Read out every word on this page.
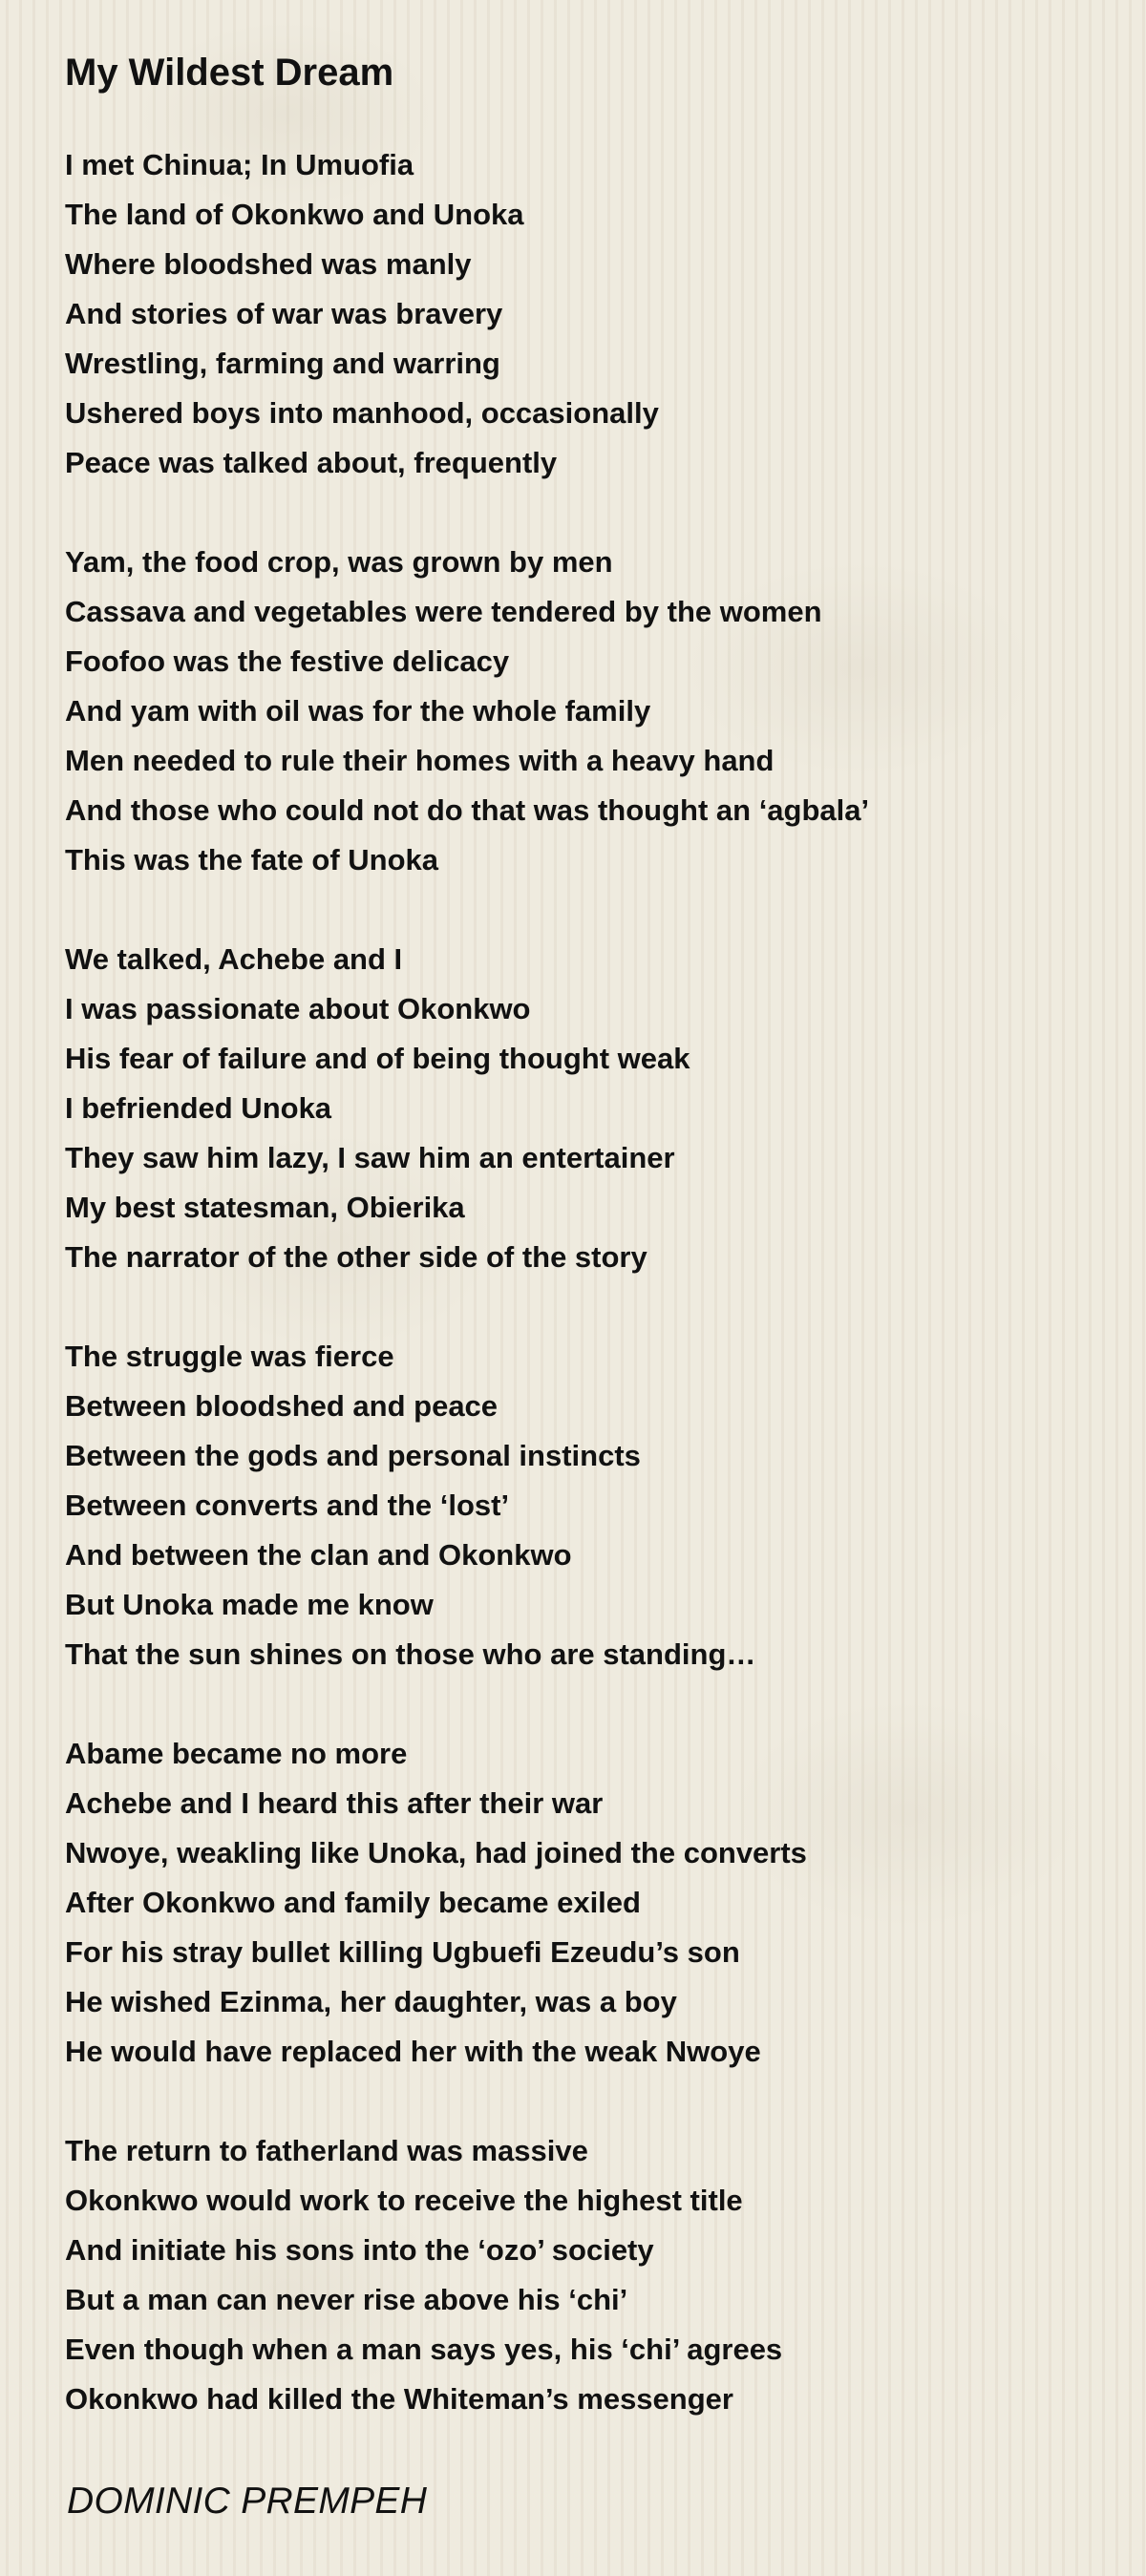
My Wildest Dream
I met Chinua; In Umuofia
The land of Okonkwo and Unoka
Where bloodshed was manly
And stories of war was bravery
Wrestling, farming and warring
Ushered boys into manhood, occasionally
Peace was talked about, frequently
Yam, the food crop, was grown by men
Cassava and vegetables were tendered by the women
Foofoo was the festive delicacy
And yam with oil was for the whole family
Men needed to rule their homes with a heavy hand
And those who could not do that was thought an ‘agbala’
This was the fate of Unoka
We talked, Achebe and I
I was passionate about Okonkwo
His fear of failure and of being thought weak
I befriended Unoka
They saw him lazy, I saw him an entertainer
My best statesman, Obierika
The narrator of the other side of the story
The struggle was fierce
Between bloodshed and peace
Between the gods and personal instincts
Between converts and the ‘lost’
And between the clan and Okonkwo
But Unoka made me know
That the sun shines on those who are standing…
Abame became no more
Achebe and I heard this after their war
Nwoye, weakling like Unoka, had joined the converts
After Okonkwo and family became exiled
For his stray bullet killing Ugbuefi Ezeudu’s son
He wished Ezinma, her daughter, was a boy
He would have replaced her with the weak Nwoye
The return to fatherland was massive
Okonkwo would work to receive the highest title
And initiate his sons into the ‘ozo’ society
But a man can never rise above his ‘chi’
Even though when a man says yes, his ‘chi’ agrees
Okonkwo had killed the Whiteman’s messenger
DOMINIC PREMPEH
